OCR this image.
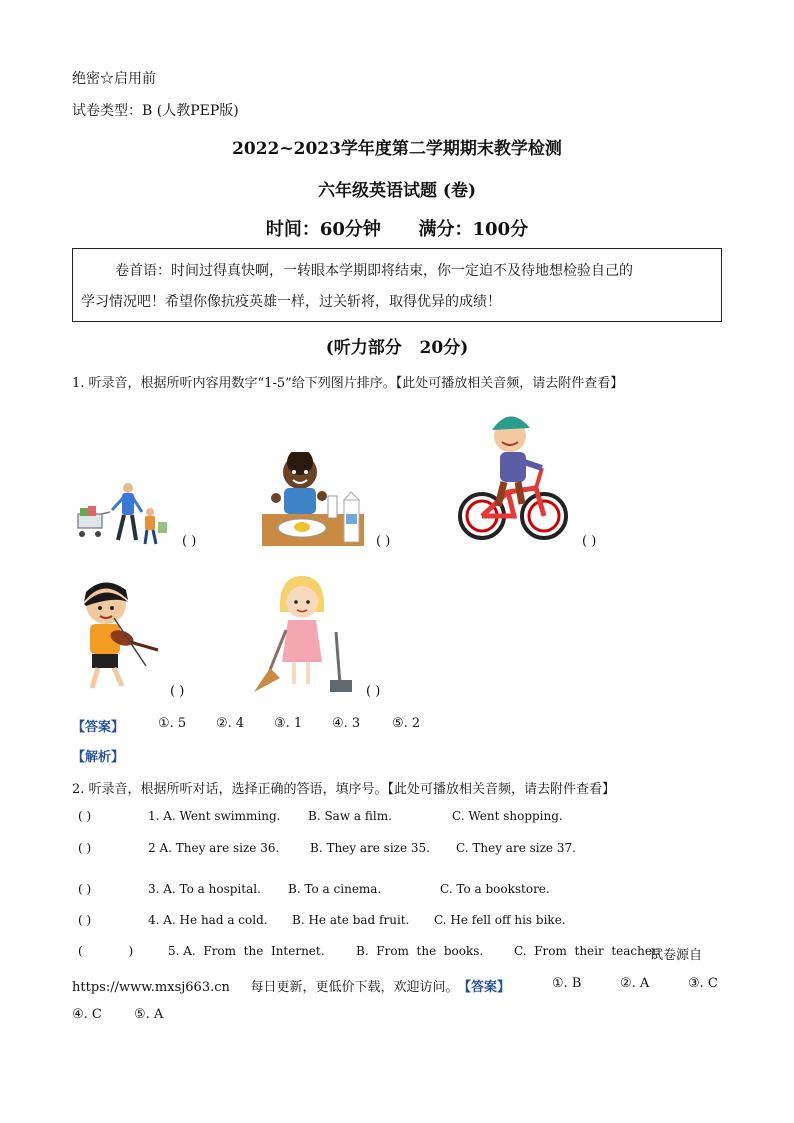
绝密☆启用前
试卷类型：B (人教PEP版)
2022~2023学年度第二学期期末教学检测
六年级英语试题 (卷)
时间：60分钟      满分：100分
卷首语：时间过得真快啊，一转眼本学期即将结束，你一定迫不及待地想检验自己的
学习情况吧！希望你像抗疫英雄一样，过关斩将，取得优异的成绩！
(听力部分   20分)
1. 听录音，根据所听内容用数字“1-5”给下列图片排序。【此处可播放相关音频，请去附件查看】
( )	( )	( )
( )	( )
【答案】	①. 5 ②. 4 ③. 1 ④. 3 ⑤. 2
【解析】
2. 听录音，根据所听对话，选择正确的答语，填序号。【此处可播放相关音频，请去附件查看】
( )	1. A. Went swimming. B. Saw a film.	C. Went shopping.
( )	2 A. They are size 36.	B. They are size 35. C. They are size 37.
( )	3. A. To a hospital. B. To a cinema.	C. To a bookstore.
( )	4. A. He had a cold. B. He ate bad fruit. C. He fell off his bike.
(            )	5. A.  From  the  Internet.	B.  From  the  books.	C.  From  their  teacher.
试卷源自
https://www.mxsj663.cn     每日更新，更低价下载，欢迎访问。 【答案】	①. B	②. A	③. C
④. C ⑤. A
